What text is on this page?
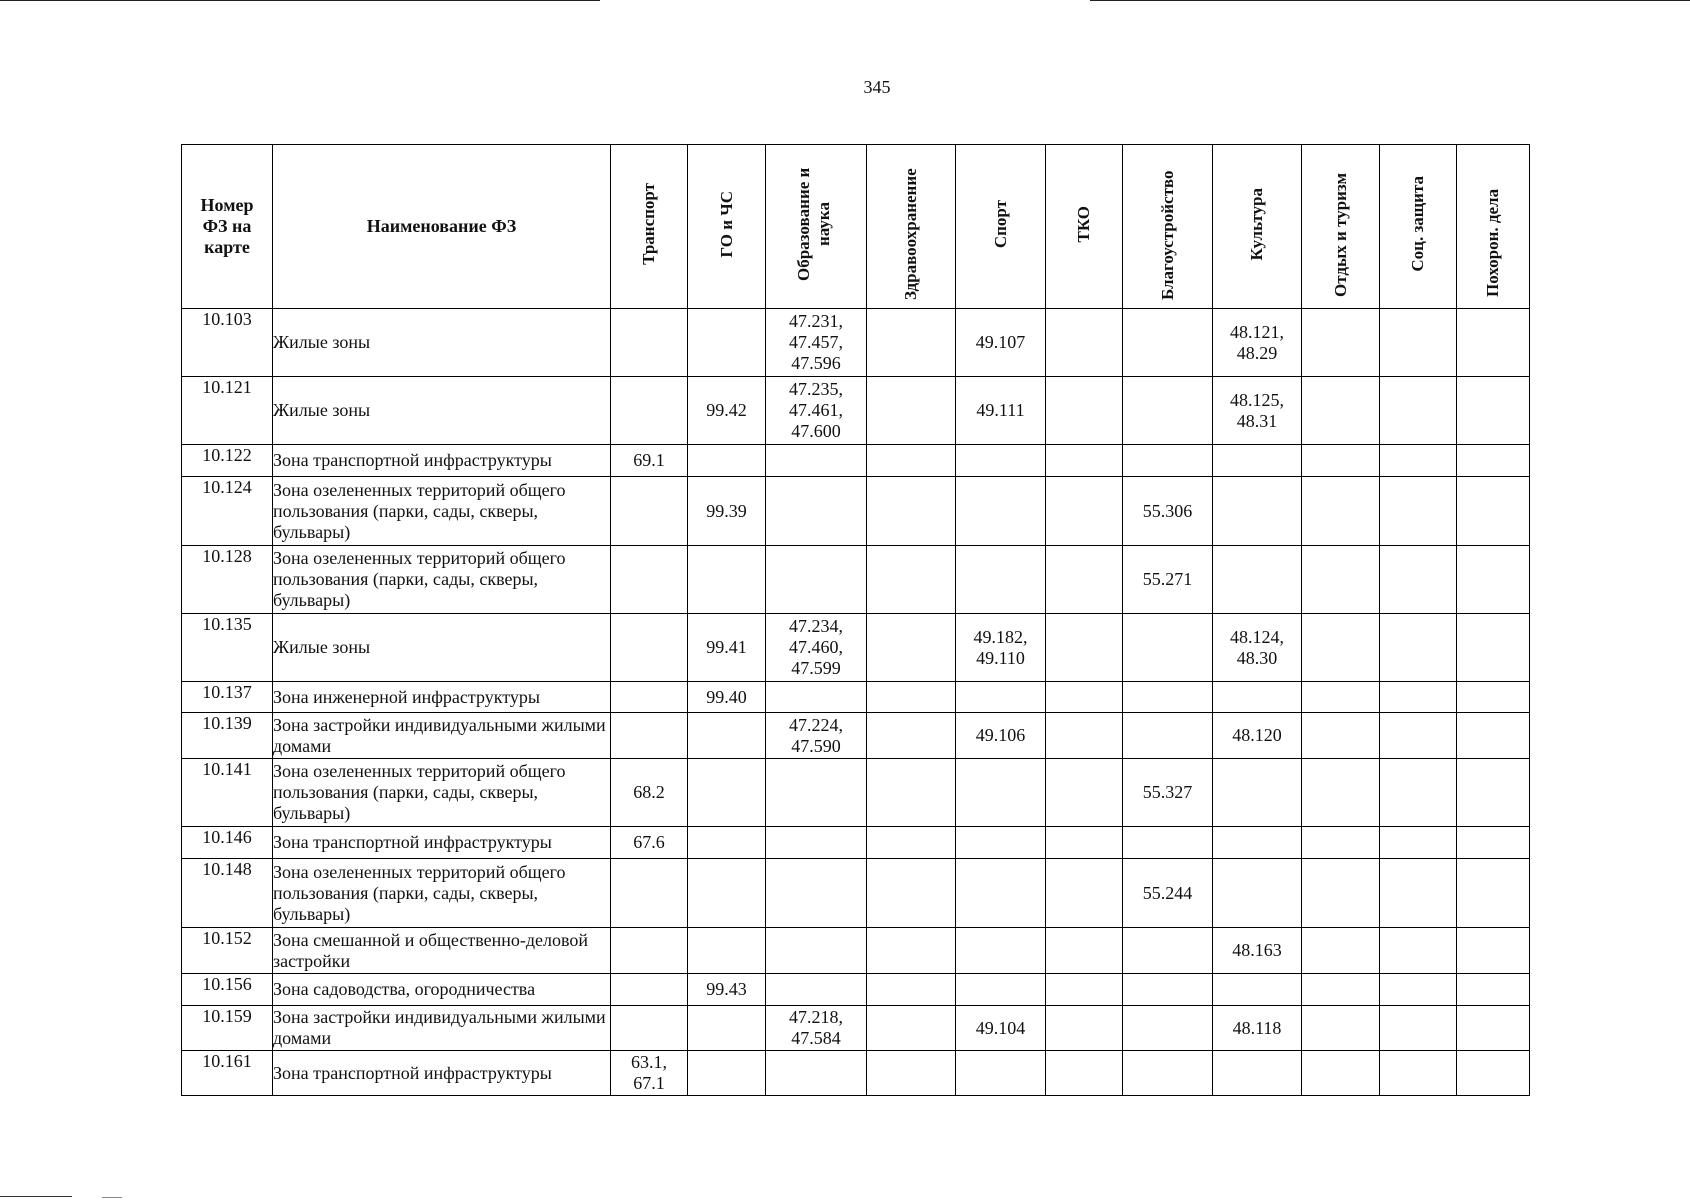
345
Номер ФЗ на карте	Наименование ФЗ	Транспорт	ГО и ЧС	Образование и наука	Здравоохранение	Спорт	ТКО	Благоустройство	Культура	Отдых и туризм	Соц. защита	Похорон. дела
10.103	Жилые зоны			47.231,
47.457,
47.596		49.107			48.121,
48.29			
10.121	Жилые зоны		99.42	47.235,
47.461,
47.600		49.111			48.125,
48.31			
10.122	Зона транспортной инфраструктуры	69.1										
10.124	Зона озелененных территорий общего пользования (парки, сады, скверы, бульвары)		99.39					55.306				
10.128	Зона озелененных территорий общего пользования (парки, сады, скверы, бульвары)							55.271				
10.135	Жилые зоны		99.41	47.234,
47.460,
47.599		49.182,
49.110			48.124,
48.30			
10.137	Зона инженерной инфраструктуры		99.40									
10.139	Зона застройки индивидуальными жилыми домами			47.224,
47.590		49.106			48.120			
10.141	Зона озелененных территорий общего пользования (парки, сады, скверы, бульвары)	68.2						55.327				
10.146	Зона транспортной инфраструктуры	67.6										
10.148	Зона озелененных территорий общего пользования (парки, сады, скверы, бульвары)							55.244				
10.152	Зона смешанной и общественно-деловой застройки								48.163			
10.156	Зона садоводства, огородничества		99.43									
10.159	Зона застройки индивидуальными жилыми домами			47.218,
47.584		49.104			48.118			
10.161	Зона транспортной инфраструктуры	63.1,
67.1										
